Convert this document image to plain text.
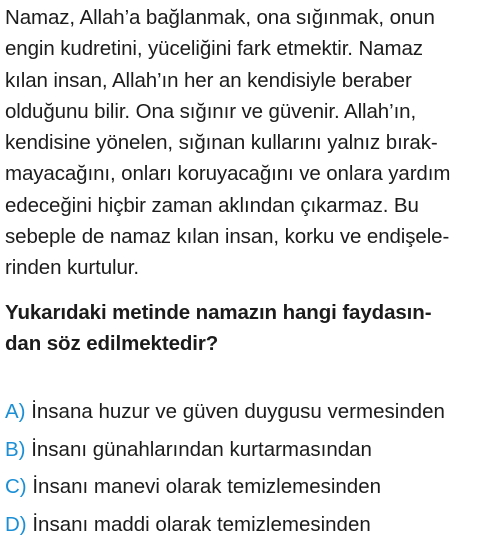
Namaz, Allah’a bağlanmak, ona sığınmak, onun
engin kudretini, yüceliğini fark etmektir. Namaz
kılan insan, Allah’ın her an kendisiyle beraber
olduğunu bilir. Ona sığınır ve güvenir. Allah’ın,
kendisine yönelen, sığınan kullarını yalnız bırak-
mayacağını, onları koruyacağını ve onlara yardım
edeceğini hiçbir zaman aklından çıkarmaz. Bu
sebeple de namaz kılan insan, korku ve endişele-
rinden kurtulur.
Yukarıdaki metinde namazın hangi faydasın-
dan söz edilmektedir?
A) İnsana huzur ve güven duygusu vermesinden
B) İnsanı günahlarından kurtarmasından
C) İnsanı manevi olarak temizlemesinden
D) İnsanı maddi olarak temizlemesinden
